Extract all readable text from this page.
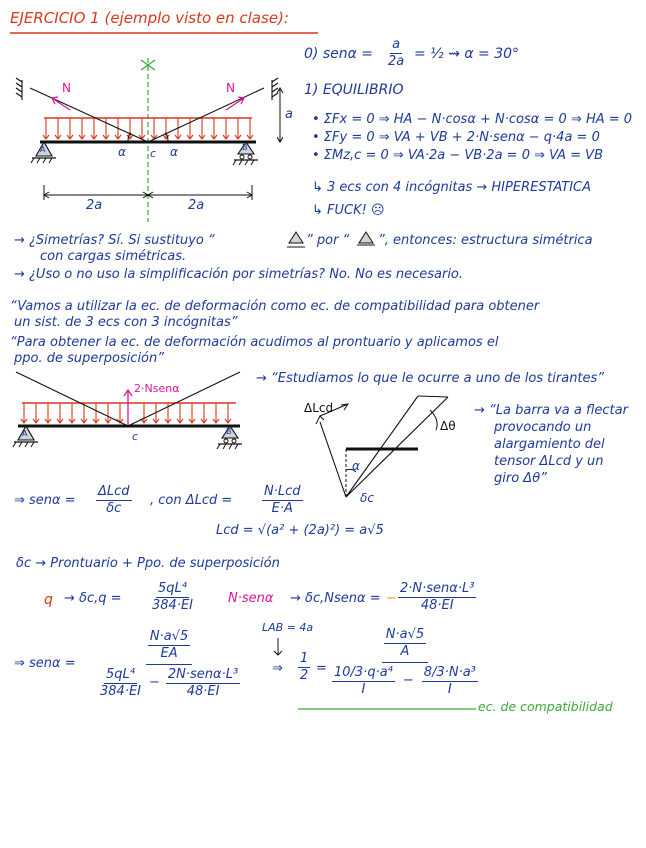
EJERCICIO 1 (ejemplo visto en clase):
0) $sen\alpha = \frac{a}{2a}$ = ½ ⇝ α = 30°
1) EQUILIBRIO
• ΣFx = 0 ⇒ HA − N·cosα + N·cosα = 0 ⇒ HA = 0
• ΣFy = 0 ⇒ VA + VB + 2·N·senα − q·4a = 0
• ΣMz,c = 0 ⇒ VA·2a − VB·2a = 0 ⇒ VA = VB
↳ 3 ecs con 4 incógnitas → HIPERESTATICA
↳ FUCK! ☹
N	N
a
α	α
c
A	B
2a	2a
→ ¿Simetrías? Sí. Si sustituyo “	” por “ ”, entonces: estructura simétrica
con cargas simétricas.
→ ¿Uso o no uso la simplificación por simetrías? No. No es necesario.
“Vamos a utilizar la ec. de deformación como ec. de compatibilidad para obtener
un sist. de 3 ecs con 3 incógnitas”
“Para obtener la ec. de deformación acudimos al prontuario y aplicamos el
ppo. de superposición”
2·Nsenα
c
A	B
→ “Estudiamos lo que le ocurre a uno de los tirantes”
ΔLcd
Δθ
α
δc
→ “La barra va a flectar
provocando un
alargamiento del
tensor ΔLcd y un
giro Δθ”
⇒ senα =
ΔLcd
δc
, con ΔLcd =
N·Lcd
E·A
Lcd = √(a² + (2a)²) = a√5
δc → Prontuario + Ppo. de superposición
$q \to \delta c,q = \frac{\text{5qL⁴}}{384\cdot EI}$	N·senα → δc,Nsenα = −
2·N·senα·L³
48·EI
⇒ senα =
$\frac{N\cdot a√5}{EA}$
$\frac{\text{5qL⁴}}{384\cdot EI} - \frac{\text{2N·senα·L³}}{48\cdot EI}$
LAB = 4a
⇒ $\frac{1}{2} = \frac{\frac{N\cdot a√5}{A}}{\frac{\text{10/3·q·a⁴}}{I} - \frac{\text{8/3·N·a³}}{I}}$
ec. de compatibilidad
